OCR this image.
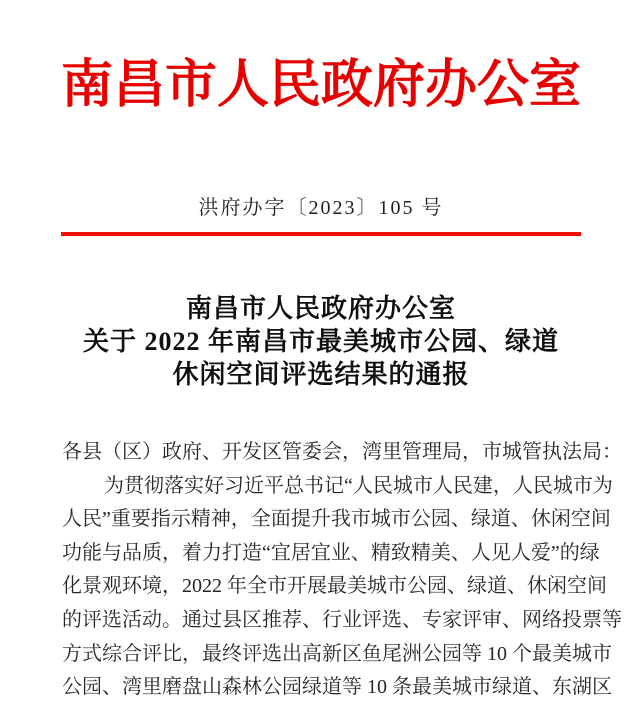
南昌市人民政府办公室
洪府办字〔2023〕105 号
南昌市人民政府办公室
关于 2022 年南昌市最美城市公园、绿道
休闲空间评选结果的通报
各县（区）政府、开发区管委会，湾里管理局，市城管执法局：
为贯彻落实好习近平总书记“人民城市人民建，人民城市为
人民”重要指示精神，全面提升我市城市公园、绿道、休闲空间
功能与品质，着力打造“宜居宜业、精致精美、人见人爱”的绿
化景观环境，2022 年全市开展最美城市公园、绿道、休闲空间
的评选活动。通过县区推荐、行业评选、专家评审、网络投票等
方式综合评比，最终评选出高新区鱼尾洲公园等 10 个最美城市
公园、湾里磨盘山森林公园绿道等 10 条最美城市绿道、东湖区
